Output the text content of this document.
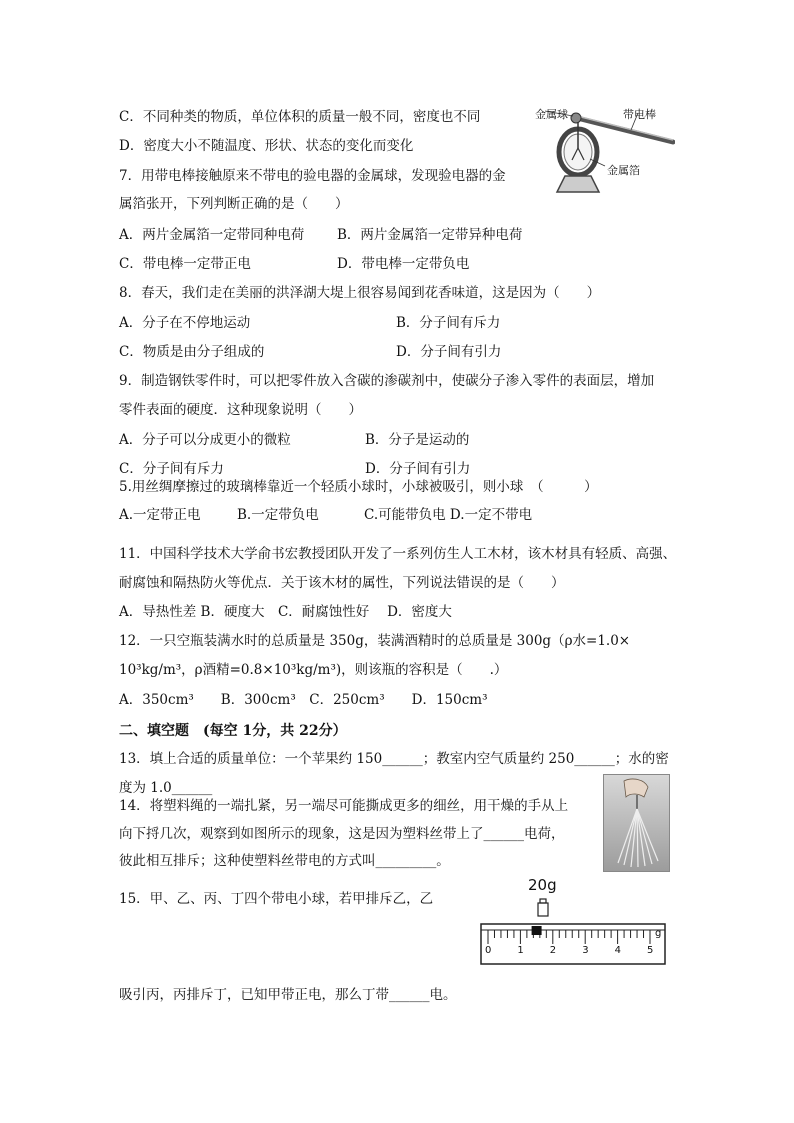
C．不同种类的物质，单位体积的质量一般不同，密度也不同
D．密度大小不随温度、形状、状态的变化而变化
7．用带电棒接触原来不带电的验电器的金属球，发现验电器的金
属箔张开，下列判断正确的是（　　）
A．两片金属箔一定带同种电荷 B．两片金属箔一定带异种电荷
C．带电棒一定带正电	D．带电棒一定带负电
金属球	带电棒
金属箔
8．春天，我们走在美丽的洪泽湖大堤上很容易闻到花香味道，这是因为（　　）
A．分子在不停地运动	B．分子间有斥力
C．物质是由分子组成的	D．分子间有引力
9．制造钢铁零件时，可以把零件放入含碳的渗碳剂中，使碳分子渗入零件的表面层，增加
零件表面的硬度．这种现象说明（　　）
A．分子可以分成更小的微粒	B．分子是运动的
C．分子间有斥力	D．分子间有引力
5.用丝绸摩擦过的玻璃棒靠近一个轻质小球时，小球被吸引，则小球　（　　　）
A.一定带正电	B.一定带负电	C.可能带负电 D.一定不带电
11．中国科学技术大学俞书宏教授团队开发了一系列仿生人工木材，该木材具有轻质、高强、
耐腐蚀和隔热防火等优点．关于该木材的属性，下列说法错误的是（　　）
A．导热性差 B．硬度大　C．耐腐蚀性好　 D．密度大
12．一只空瓶装满水时的总质量是 350g，装满酒精时的总质量是 300g（ρ水=1.0×
10³kg/m³，ρ酒精=0.8×10³kg/m³)，则该瓶的容积是（　　.）
A．350cm³　　B．300cm³　C．250cm³　　D．150cm³
二、填空题　(每空 1分，共 22分）
13．填上合适的质量单位：一个苹果约 150______；教室内空气质量约 250______；水的密
度为 1.0______
14．将塑料绳的一端扎紧，另一端尽可能撕成更多的细丝，用干燥的手从上
向下捋几次，观察到如图所示的现象，这是因为塑料丝带上了______电荷，
彼此相互排斥；这种使塑料丝带电的方式叫_________。
15．甲、乙、丙、丁四个带电小球，若甲排斥乙，乙
吸引丙，丙排斥丁，已知甲带正电，那么丁带______电。
20g
g
0	1	2	3	4	5
